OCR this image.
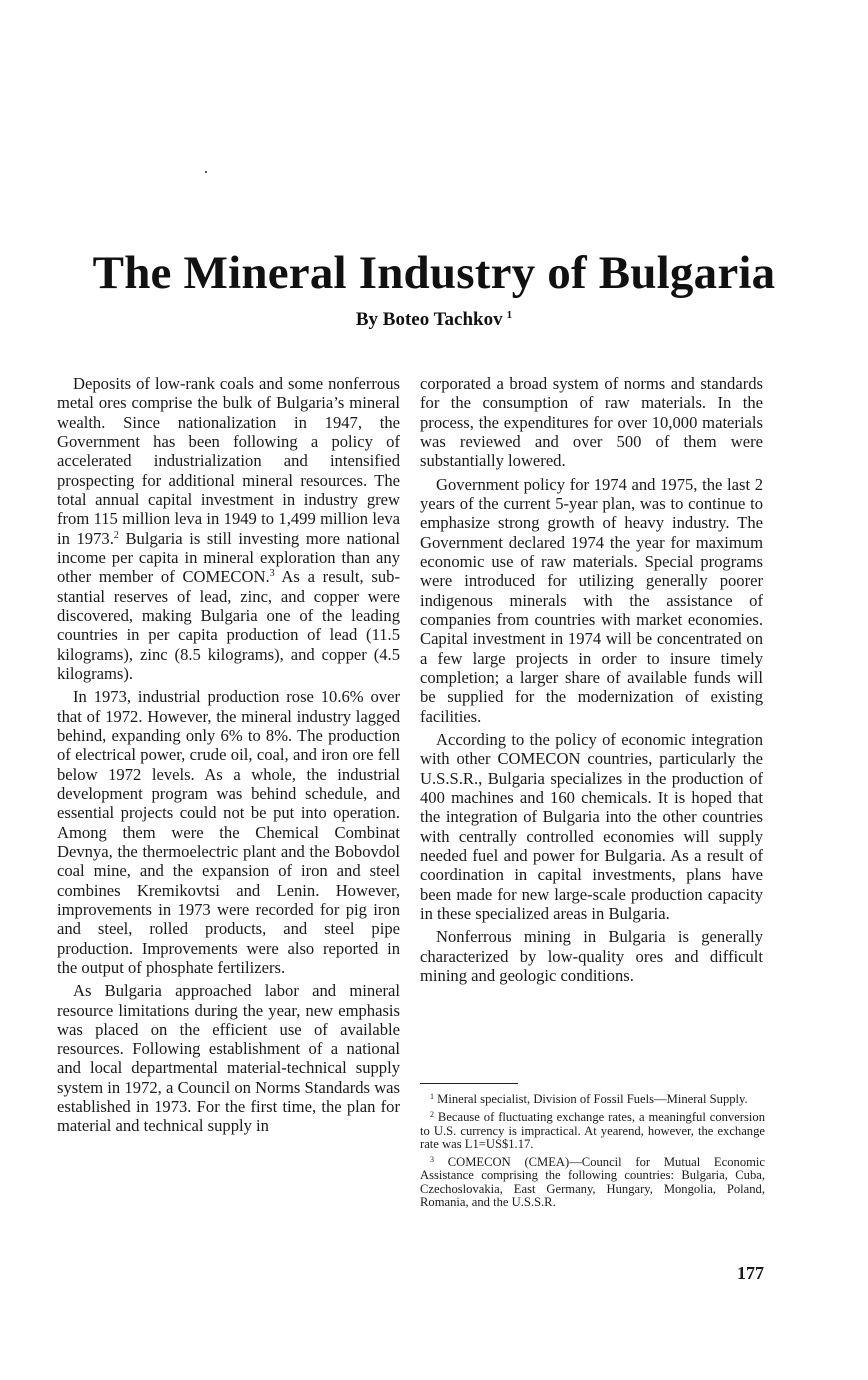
The Mineral Industry of Bulgaria
By Boteo Tachkov $^1$

Deposits of low-rank coals and some nonferrous metal ores comprise the bulk of Bulgaria’s mineral wealth. Since nationalization in 1947, the Government has been following a policy of accelerated industrialization and intensified prospecting for additional mineral resources. The total annual capital investment in industry grew from 115 million leva in 1949 to 1,499 million leva in 1973.$^2$ Bulgaria is still investing more national income per capita in mineral exploration than any other member of COMECON.$^3$ As a result, substantial reserves of lead, zinc, and copper were discovered, making Bulgaria one of the leading countries in per capita production of lead (11.5 kilograms), zinc (8.5 kilograms), and copper (4.5 kilograms).

In 1973, industrial production rose 10.6% over that of 1972. However, the mineral industry lagged behind, expanding only 6% to 8%. The production of electrical power, crude oil, coal, and iron ore fell below 1972 levels. As a whole, the industrial development program was behind schedule, and essential projects could not be put into operation. Among them were the Chemical Combinat Devnya, the thermoelectric plant and the Bobovdol coal mine, and the expansion of iron and steel combines Kremikovtsi and Lenin. However, improvements in 1973 were recorded for pig iron and steel, rolled products, and steel pipe production. Improvements were also reported in the output of phosphate fertilizers.

As Bulgaria approached labor and mineral resource limitations during the year, new emphasis was placed on the efficient use of available resources. Following establishment of a national and local departmental material-technical supply system in 1972, a Council on Norms Standards was established in 1973. For the first time, the plan for material and technical supply in

corporated a broad system of norms and standards for the consumption of raw materials. In the process, the expenditures for over 10,000 materials was reviewed and over 500 of them were substantially lowered.

Government policy for 1974 and 1975, the last 2 years of the current 5-year plan, was to continue to emphasize strong growth of heavy industry. The Government declared 1974 the year for maximum economic use of raw materials. Special programs were introduced for utilizing generally poorer indigenous minerals with the assistance of companies from countries with market economies. Capital investment in 1974 will be concentrated on a few large projects in order to insure timely completion; a larger share of available funds will be supplied for the modernization of existing facilities.

According to the policy of economic integration with other COMECON countries, particularly the U.S.S.R., Bulgaria specializes in the production of 400 machines and 160 chemicals. It is hoped that the integration of Bulgaria into the other countries with centrally controlled economies will supply needed fuel and power for Bulgaria. As a result of coordination in capital investments, plans have been made for new large-scale production capacity in these specialized areas in Bulgaria.

Nonferrous mining in Bulgaria is generally characterized by low-quality ores and difficult mining and geologic conditions.

$^1$ Mineral specialist, Division of Fossil Fuels—Mineral Supply.

$^2$ Because of fluctuating exchange rates, a meaningful conversion to U.S. currency is impractical. At yearend, however, the exchange rate was L1=US$1.17.

$^3$ COMECON (CMEA)—Council for Mutual Economic Assistance comprising the following countries: Bulgaria, Cuba, Czechoslovakia, East Germany, Hungary, Mongolia, Poland, Romania, and the U.S.S.R.

177
